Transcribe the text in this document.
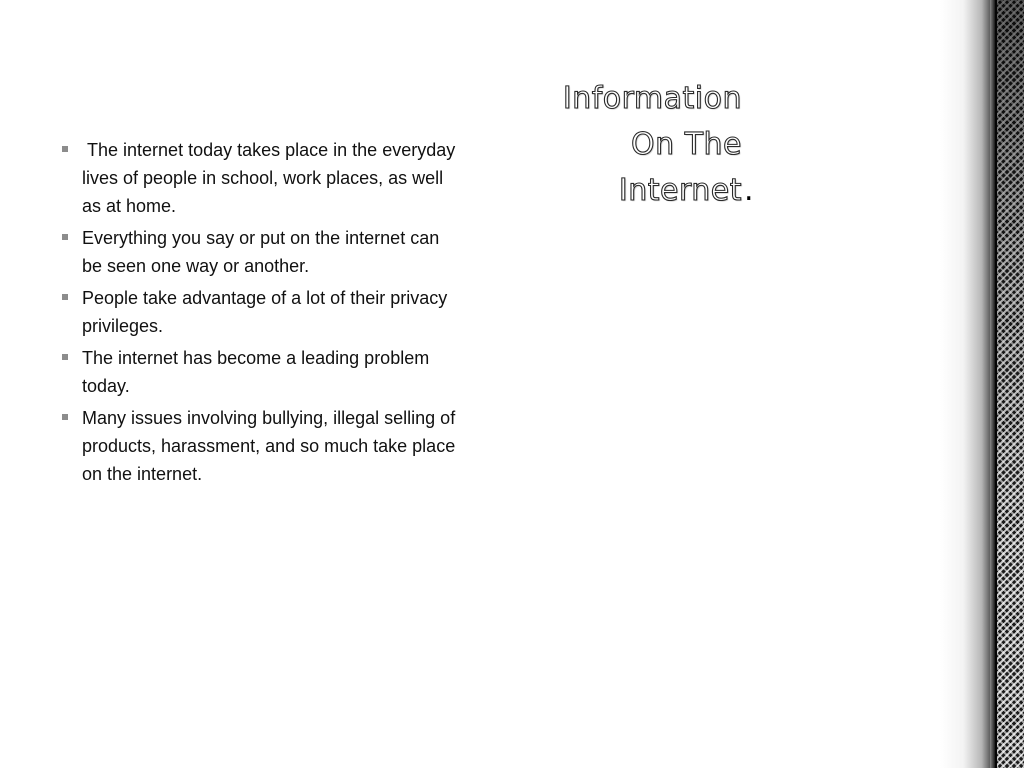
Information
On The
Internet .
The internet today takes place in the everyday lives of people in school, work places, as well as at home.
Everything you say or put on the internet can be seen one way or another.
People take advantage of a lot of their privacy privileges.
The internet has become a leading problem today.
Many issues involving bullying, illegal selling of products, harassment, and so much take place on the internet.
